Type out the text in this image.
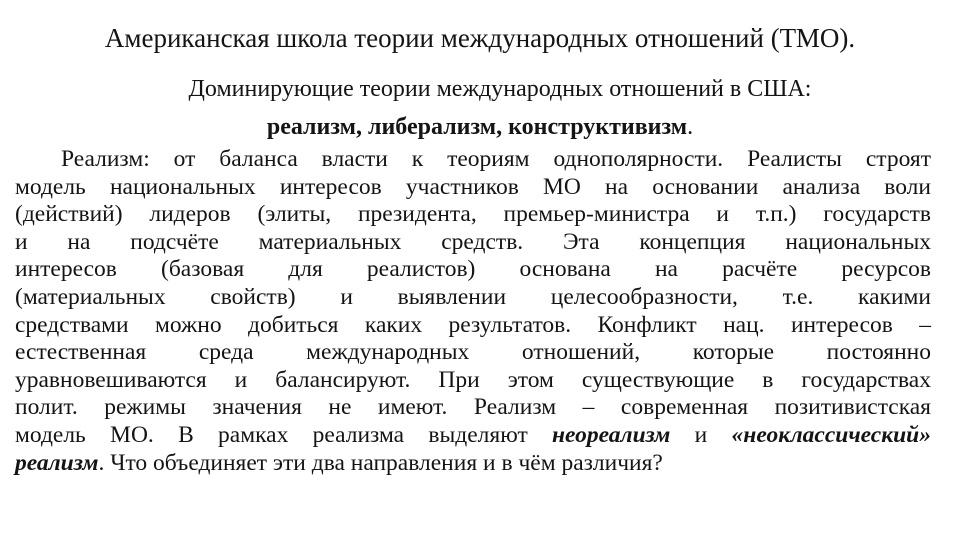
Американская школа теории международных отношений (ТМО).
Доминирующие теории международных отношений в США:
реализм, либерализм, конструктивизм.
Реализм: от баланса власти к теориям однополярности. Реалисты строят
модель национальных интересов участников МО на основании анализа воли
(действий) лидеров (элиты, президента, премьер-министра и т.п.) государств
и на подсчёте материальных средств. Эта концепция национальных
интересов (базовая для реалистов) основана на расчёте ресурсов
(материальных свойств) и выявлении целесообразности, т.е. какими
средствами можно добиться каких результатов. Конфликт нац. интересов –
естественная среда международных отношений, которые постоянно
уравновешиваются и балансируют. При этом существующие в государствах
полит. режимы значения не имеют. Реализм – современная позитивистская
модель МО. В рамках реализма выделяют неореализм и «неоклассический»
реализм. Что объединяет эти два направления и в чём различия?
